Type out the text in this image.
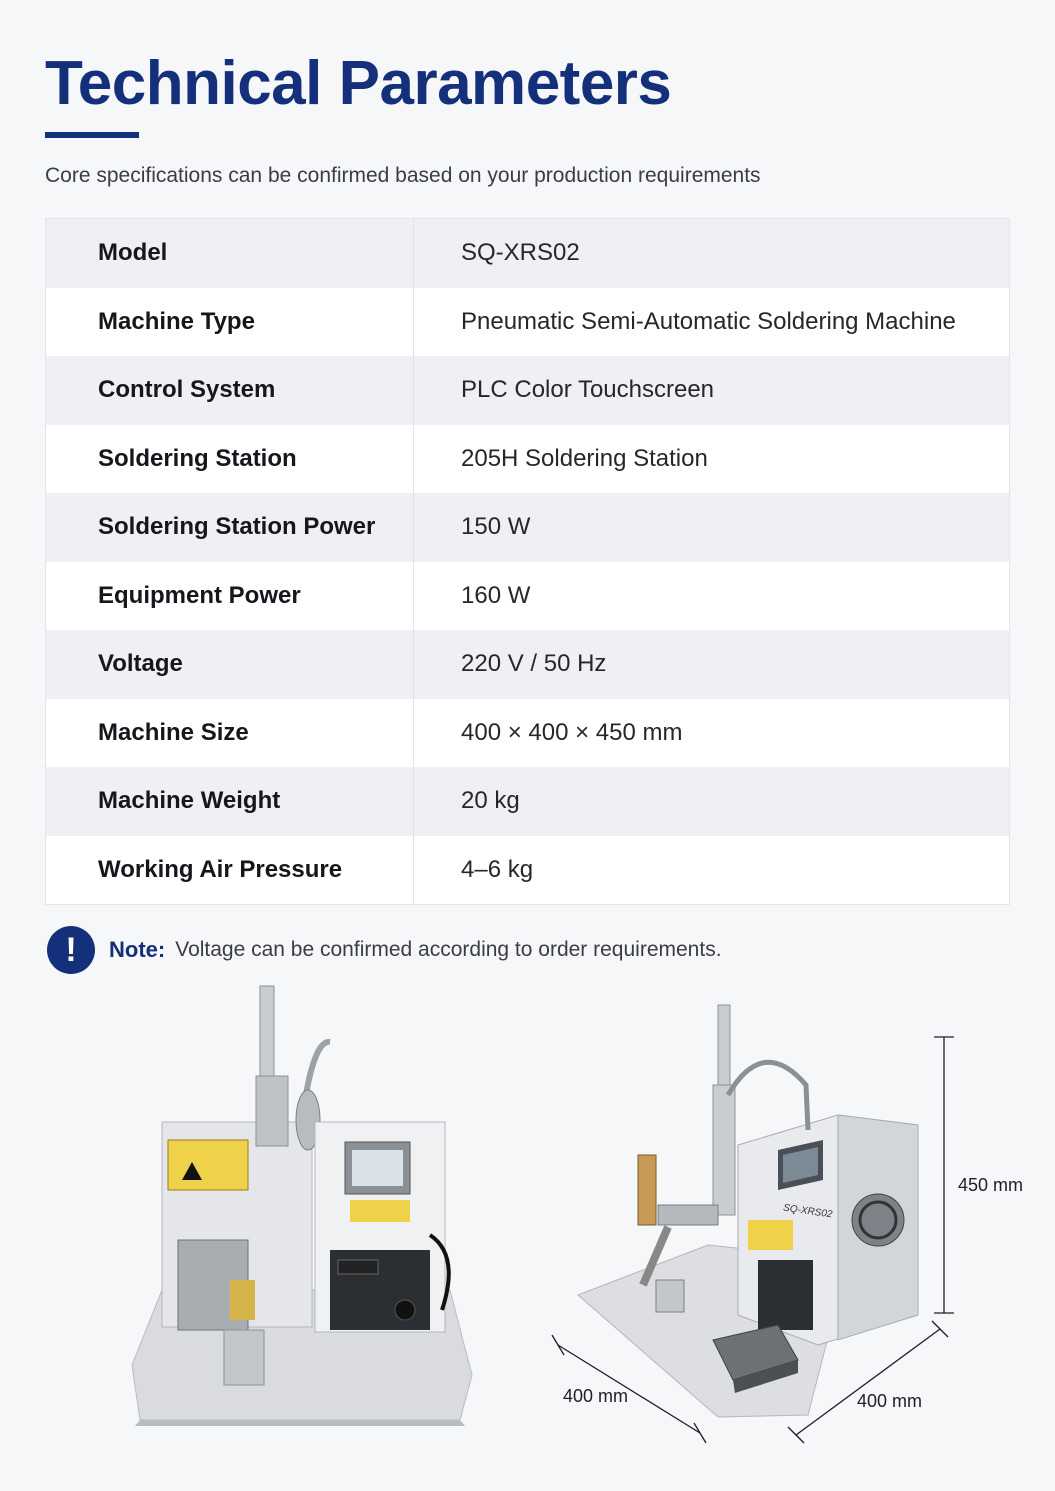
Technical Parameters
Core specifications can be confirmed based on your production requirements
Model	SQ-XRS02
Machine Type	Pneumatic Semi-Automatic Soldering Machine
Control System	PLC Color Touchscreen
Soldering Station	205H Soldering Station
Soldering Station Power	150 W
Equipment Power	160 W
Voltage	220 V / 50 Hz
Machine Size	400 × 400 × 450 mm
Machine Weight	20 kg
Working Air Pressure	4–6 kg
!	Note: Voltage can be confirmed according to order requirements.
450 mm
400 mm	400 mm
SQ-XRS02
